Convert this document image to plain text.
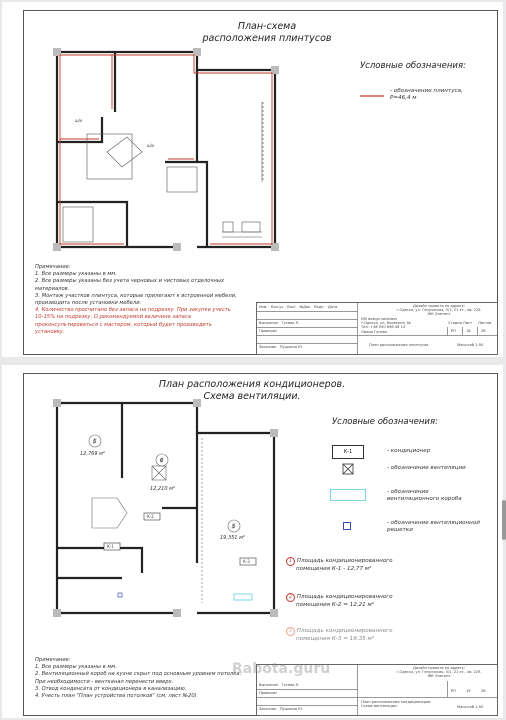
План-схема
расположения плинтусов
ш/к
ш/к
Условные обозначения:
- обозначение плинтуса,
P=46,4 м
Примечание:
1. Все размеры указаны в мм.
2. Все размеры указаны без учета черновых и чистовых отделочных
материалов.
3. Монтаж участков плинтуса, которые прилегают к встроенной мебели,
производить после установки мебели.
4. Количество просчитано без запаса на подрезку. При закупке учесть
10-15% на подрезку. О рекомендуемой величине запаса
проконсультироваться с мастером, который будет производить
установку.
Изм. · Кол.уч · Лист · №Док · Подп. · Дата
Выполнил Гусева Л.
Проверил
Заказчик Пушкина Ю.
Дизайн проекта по адресу:
г.Одесса, ул. Генуэзская, 5/1, 21 эт., кв. 229.
ЖК Элегант
DM design solutions
г.Одесса, ул. Косвенна, №
Тел: +38 050 698 48 14
Лилия Гусева
Стадия Лист Листов
РП	18	28
План расположения плинтусов	Масштаб 1:50
План расположения кондиционеров.
Схема вентиляции.
5
6
5
12,769 м²
12,210 м²
19,351 м²
К-1
К-2
К-3
Условные обозначения:
К-1	- кондиционер
- обозначение вентиляции
- обозначение вентиляционного короба
- обозначение вентиляционной решетки
1 Площадь кондиционированного
помещения К-1 - 12,77 м²
2 Площадь кондиционированного
помещения К-2 = 12,21 м²
3 Площадь кондиционированного
помещения К-3 = 19,35 м²
Примечание:
1. Все размеры указаны в мм.
2. Вентиляционный короб на кухне скрыт под основным уровнем потолка.
При необходимости - вентканал перенести вверх.
3. Отвод конденсата от кондиционера в канализацию.
4. Учесть план "План устройства потолков" (см. лист №20)
Дизайн проекта по адресу:
г.Одесса, ул. Генуэзская, 5/1, 21 эт., кв. 229.
ЖК Элегант
Выполнил Гусева Л.
Проверил
Заказчик Пушкина Ю.
РП	19	28
План расположения кондиционеров.
Схема вентиляции.	Масштаб 1:50
Rabota.guru
